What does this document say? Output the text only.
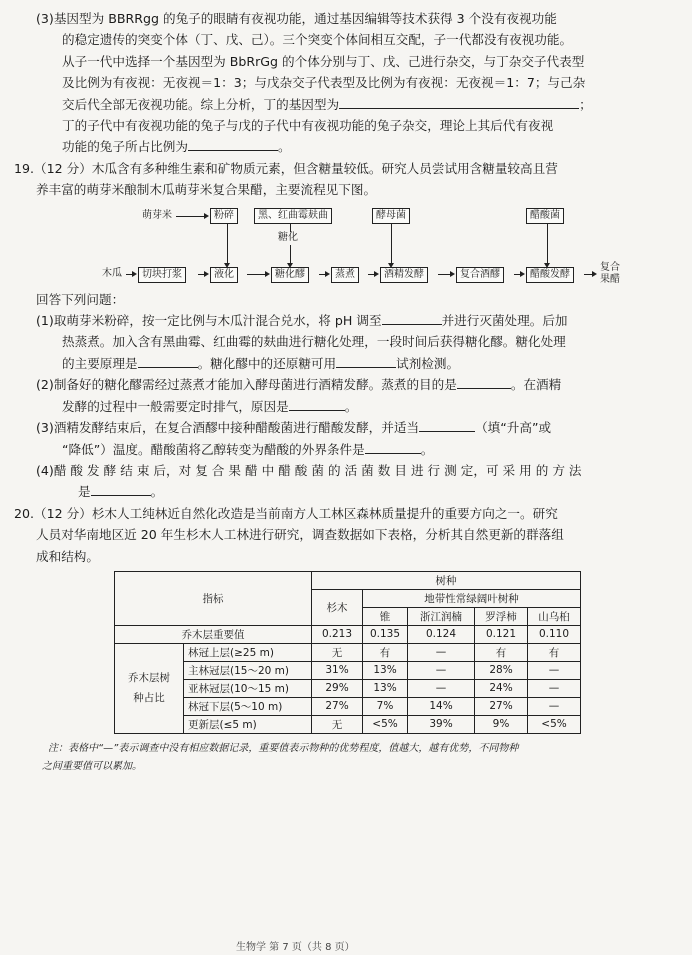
(3)基因型为 BBRRgg 的兔子的眼睛有夜视功能，通过基因编辑等技术获得 3 个没有夜视功能
的稳定遗传的突变个体（丁、戊、己）。三个突变个体间相互交配，子一代都没有夜视功能。
从子一代中选择一个基因型为 BbRrGg 的个体分别与丁、戊、己进行杂交，与丁杂交子代表型
及比例为有夜视：无夜视＝1：3；与戊杂交子代表型及比例为有夜视：无夜视＝1：7；与己杂
交后代全部无夜视功能。综上分析，丁的基因型为	；
丁的子代中有夜视功能的兔子与戊的子代中有夜视功能的兔子杂交，理论上其后代有夜视
功能的兔子所占比例为	。
19.（12 分）木瓜含有多种维生素和矿物质元素，但含糖量较低。研究人员尝试用含糖量较高且营
养丰富的萌芽米酿制木瓜萌芽米复合果醋，主要流程见下图。
萌芽米	粉碎	黑、红曲霉麸曲	酵母菌	醋酸菌
糖化
木瓜	切块打浆	液化	糖化醪	蒸煮	酒精发酵	复合酒醪	醋酸发酵
复合
果醋
回答下列问题：
(1)取萌芽米粉碎，按一定比例与木瓜汁混合兑水，将 pH 调至	并进行灭菌处理。后加
热蒸煮。加入含有黑曲霉、红曲霉的麸曲进行糖化处理，一段时间后获得糖化醪。糖化处理
的主要原理是	。糖化醪中的还原糖可用	试剂检测。
(2)制备好的糖化醪需经过蒸煮才能加入酵母菌进行酒精发酵。蒸煮的目的是	。在酒精
发酵的过程中一般需要定时排气，原因是	。
(3)酒精发酵结束后，在复合酒醪中接种醋酸菌进行醋酸发酵，并适当	（填“升高”或
“降低”）温度。醋酸菌将乙醇转变为醋酸的外界条件是	。
(4)醋 酸 发 酵 结 束 后，对 复 合 果 醋 中 醋 酸 菌 的 活 菌 数 目 进 行 测 定，可 采 用 的 方 法
是	。
20.（12 分）杉木人工纯林近自然化改造是当前南方人工林区森林质量提升的重要方向之一。研究
人员对华南地区近 20 年生杉木人工林进行研究，调查数据如下表格，分析其自然更新的群落组
成和结构。
指标		树种				
		杉木	地带性常绿阔叶树种			
			锥	浙江润楠	罗浮柿	山乌桕
乔木层重要值		0.213	0.135	0.124	0.121	0.110
乔木层树
种占比	林冠上层(≥25 m)	无	有	—	有	有
	主林冠层(15～20 m)	31%	13%	—	28%	—
	亚林冠层(10～15 m)	29%	13%	—	24%	—
	林冠下层(5～10 m)	27%	7%	14%	27%	—
	更新层(≤5 m)	无	<5%	39%	9%	<5%
注：表格中“—”表示调查中没有相应数据记录，重要值表示物种的优势程度，值越大，越有优势，不同物种
之间重要值可以累加。
生物学 第 7 页（共 8 页）
